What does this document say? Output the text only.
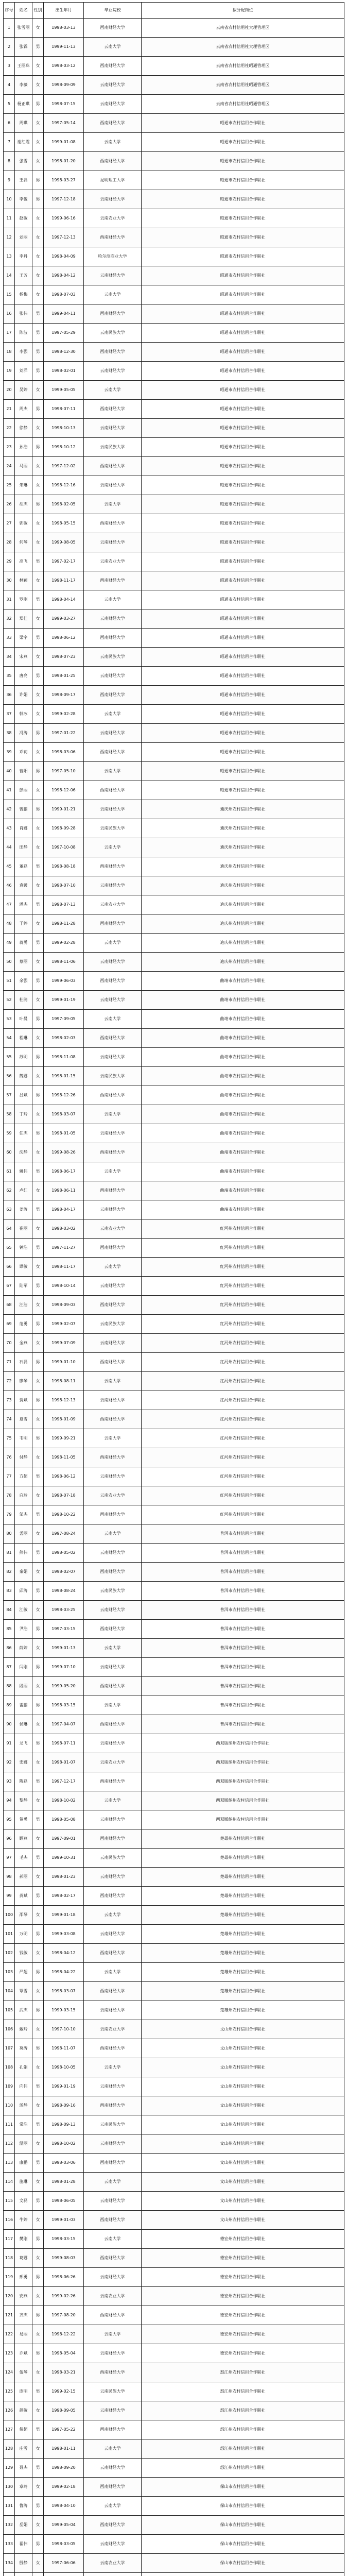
序号	姓名	性别	出生年月	毕业院校	拟分配岗位
1	张雪丽	女	1998-03-13	西南财经大学	云南省农村信用社大理管理区
2	张霖	男	1999-11-13	云南大学	云南省农村信用社大理管理区
3	王丽珠	女	1998-03-12	西南财经大学	云南省农村信用社昭通管理区
4	李薇	女	1998-09-09	云南财经大学	云南省农村信用社昭通管理区
5	杨正琪	男	1998-07-15	云南财经大学	云南省农村信用社昭通管理区
6	周琪	女	1997-05-14	西南财经大学	昭通市农村信用合作联社
7	谢红霞	女	1999-01-08	云南大学	昭通市农村信用合作联社
8	张雪	女	1998-01-20	西南财经大学	昭通市农村信用合作联社
9	王磊	男	1998-03-27	昆明理工大学	昭通市农村信用合作联社
10	李俊	男	1997-12-18	云南财经大学	昭通市农村信用合作联社
11	赵敏	女	1999-06-16	云南农业大学	昭通市农村信用合作联社
12	刘丽	女	1997-12-13	西南财经大学	昭通市农村信用合作联社
13	李丹	女	1998-04-09	哈尔滨商业大学	昭通市农村信用合作联社
14	王芳	女	1998-04-12	云南财经大学	昭通市农村信用合作联社
15	杨梅	女	1998-07-03	云南大学	昭通市农村信用合作联社
16	张伟	男	1999-04-11	西南财经大学	昭通市农村信用合作联社
17	陈波	男	1997-05-29	云南民族大学	昭通市农村信用合作联社
18	李强	男	1998-12-30	西南财经大学	昭通市农村信用合作联社
19	刘洋	男	1998-02-01	云南财经大学	昭通市农村信用合作联社
20	吴婷	女	1999-05-05	云南大学	昭通市农村信用合作联社
21	周杰	男	1998-07-11	西南财经大学	昭通市农村信用合作联社
22	徐静	女	1998-10-13	云南财经大学	昭通市农村信用合作联社
23	孙浩	男	1998-10-12	云南民族大学	昭通市农村信用合作联社
24	马丽	女	1997-12-02	西南财经大学	昭通市农村信用合作联社
25	朱琳	女	1998-12-16	云南财经大学	昭通市农村信用合作联社
26	胡杰	男	1998-02-05	云南大学	昭通市农村信用合作联社
27	郭敏	女	1998-05-15	西南财经大学	昭通市农村信用合作联社
28	何琴	女	1999-08-05	云南财经大学	昭通市农村信用合作联社
29	高飞	男	1997-02-17	云南农业大学	昭通市农村信用合作联社
30	林颖	女	1998-11-17	西南财经大学	昭通市农村信用合作联社
31	罗刚	男	1998-04-14	云南大学	昭通市农村信用合作联社
32	郑佳	女	1999-03-27	云南财经大学	昭通市农村信用合作联社
33	梁宇	男	1998-06-12	西南财经大学	昭通市农村信用合作联社
34	宋燕	女	1998-07-23	云南民族大学	昭通市农村信用合作联社
35	唐亮	男	1998-01-25	云南财经大学	昭通市农村信用合作联社
36	许娟	女	1998-09-17	西南财经大学	昭通市农村信用合作联社
37	韩冰	女	1999-02-28	云南大学	昭通市农村信用合作联社
38	冯涛	男	1997-01-22	云南财经大学	昭通市农村信用合作联社
39	邓莉	女	1998-03-06	西南财经大学	昭通市农村信用合作联社
40	曹阳	男	1997-05-10	云南大学	昭通市农村信用合作联社
41	彭丽	女	1998-12-06	西南财经大学	昭通市农村信用合作联社
42	曾鹏	男	1999-01-21	云南财经大学	迪庆州农村信用合作联社
43	肖娜	女	1998-09-28	云南民族大学	迪庆州农村信用合作联社
44	田静	女	1997-10-08	云南大学	迪庆州农村信用合作联社
45	董磊	男	1998-08-18	西南财经大学	迪庆州农村信用合作联社
46	袁媛	女	1998-07-10	云南财经大学	迪庆州农村信用合作联社
47	潘杰	男	1998-07-13	云南农业大学	迪庆州农村信用合作联社
48	于婷	女	1998-11-28	西南财经大学	迪庆州农村信用合作联社
49	蒋勇	男	1999-02-28	云南大学	迪庆州农村信用合作联社
50	蔡丽	女	1998-11-06	云南财经大学	迪庆州农村信用合作联社
51	余强	男	1999-06-03	西南财经大学	曲靖市农村信用合作联社
52	杜鹃	女	1999-01-19	云南财经大学	曲靖市农村信用合作联社
53	叶晨	男	1997-09-05	云南大学	曲靖市农村信用合作联社
54	程琳	女	1998-02-03	西南财经大学	曲靖市农村信用合作联社
55	苏明	男	1998-11-08	云南财经大学	曲靖市农村信用合作联社
56	魏娜	女	1998-01-15	云南民族大学	曲靖市农村信用合作联社
57	吕斌	男	1998-12-26	西南财经大学	曲靖市农村信用合作联社
58	丁玲	女	1998-03-07	云南大学	曲靖市农村信用合作联社
59	任杰	男	1998-01-05	云南财经大学	曲靖市农村信用合作联社
60	沈静	女	1999-08-26	西南财经大学	曲靖市农村信用合作联社
61	姚伟	男	1998-06-17	云南大学	曲靖市农村信用合作联社
62	卢红	女	1998-06-11	西南财经大学	曲靖市农村信用合作联社
63	姜涛	男	1998-04-17	云南财经大学	曲靖市农村信用合作联社
64	崔丽	女	1998-03-02	云南农业大学	红河州农村信用合作联社
65	钟浩	男	1997-11-27	西南财经大学	红河州农村信用合作联社
66	谭敏	女	1998-11-17	云南大学	红河州农村信用合作联社
67	陆军	男	1998-10-14	云南财经大学	红河州农村信用合作联社
68	汪洁	女	1998-09-03	西南财经大学	红河州农村信用合作联社
69	范勇	男	1999-02-07	云南民族大学	红河州农村信用合作联社
70	金燕	女	1999-07-09	云南财经大学	红河州农村信用合作联社
71	石磊	男	1999-01-10	西南财经大学	红河州农村信用合作联社
72	廖琴	女	1998-08-11	云南大学	红河州农村信用合作联社
73	贾斌	男	1998-12-13	云南财经大学	红河州农村信用合作联社
74	夏雪	女	1998-01-09	西南财经大学	红河州农村信用合作联社
75	韦明	男	1999-09-21	云南大学	红河州农村信用合作联社
76	付静	女	1998-11-05	西南财经大学	红河州农村信用合作联社
77	方超	男	1998-06-12	云南财经大学	红河州农村信用合作联社
78	白玲	女	1998-07-18	云南农业大学	红河州农村信用合作联社
79	邹杰	男	1998-10-22	西南财经大学	红河州农村信用合作联社
80	孟丽	女	1997-08-24	云南大学	普洱市农村信用合作联社
81	熊伟	男	1998-05-02	云南财经大学	普洱市农村信用合作联社
82	秦娟	女	1998-02-07	西南财经大学	普洱市农村信用合作联社
83	邱涛	男	1998-08-24	云南民族大学	普洱市农村信用合作联社
84	江敏	女	1998-03-25	云南财经大学	普洱市农村信用合作联社
85	尹浩	男	1997-03-15	西南财经大学	普洱市农村信用合作联社
86	薛婷	女	1999-01-13	云南大学	普洱市农村信用合作联社
87	闫刚	男	1999-07-10	云南财经大学	普洱市农村信用合作联社
88	段丽	女	1999-05-20	西南财经大学	普洱市农村信用合作联社
89	雷鹏	男	1998-03-15	云南大学	普洱市农村信用合作联社
90	侯琳	女	1997-04-07	西南财经大学	普洱市农村信用合作联社
91	龙飞	男	1998-07-11	云南财经大学	西双版纳州农村信用合作联社
92	史娜	女	1998-01-07	云南农业大学	西双版纳州农村信用合作联社
93	陶磊	男	1997-12-17	西南财经大学	西双版纳州农村信用合作联社
94	黎静	女	1998-10-02	云南大学	西双版纳州农村信用合作联社
95	贺勇	男	1998-05-08	云南财经大学	西双版纳州农村信用合作联社
96	顾燕	女	1997-09-01	西南财经大学	楚雄州农村信用合作联社
97	毛杰	男	1999-10-31	云南民族大学	楚雄州农村信用合作联社
98	郝丽	女	1998-01-23	云南财经大学	楚雄州农村信用合作联社
99	龚斌	男	1998-02-17	西南财经大学	楚雄州农村信用合作联社
100	邵琴	女	1999-01-18	云南大学	楚雄州农村信用合作联社
101	万明	男	1999-03-08	云南财经大学	楚雄州农村信用合作联社
102	钱敏	女	1998-04-12	西南财经大学	楚雄州农村信用合作联社
103	严超	男	1998-04-22	云南大学	楚雄州农村信用合作联社
104	覃雪	女	1998-03-07	西南财经大学	楚雄州农村信用合作联社
105	武杰	男	1999-03-15	云南财经大学	楚雄州农村信用合作联社
106	戴玲	女	1997-10-10	云南农业大学	文山州农村信用合作联社
107	莫涛	男	1998-11-07	西南财经大学	文山州农村信用合作联社
108	孔娟	女	1998-10-05	云南大学	文山州农村信用合作联社
109	向伟	男	1999-01-19	云南财经大学	文山州农村信用合作联社
110	汤静	女	1998-09-16	西南财经大学	文山州农村信用合作联社
111	常浩	男	1998-09-13	云南民族大学	文山州农村信用合作联社
112	温丽	女	1998-10-02	云南财经大学	文山州农村信用合作联社
113	康鹏	男	1998-03-06	西南财经大学	文山州农村信用合作联社
114	施琳	女	1998-01-28	云南大学	文山州农村信用合作联社
115	文磊	男	1998-06-05	云南财经大学	文山州农村信用合作联社
116	牛婷	女	1999-01-03	西南财经大学	文山州农村信用合作联社
117	樊刚	男	1998-03-15	云南大学	德宏州农村信用合作联社
118	葛娜	女	1999-08-03	西南财经大学	德宏州农村信用合作联社
119	邢勇	男	1998-06-26	云南财经大学	德宏州农村信用合作联社
120	安燕	女	1999-02-26	云南农业大学	德宏州农村信用合作联社
121	齐杰	男	1997-08-20	西南财经大学	德宏州农村信用合作联社
122	易丽	女	1998-12-22	云南大学	德宏州农村信用合作联社
123	乔斌	男	1998-05-04	云南财经大学	德宏州农村信用合作联社
124	伍琴	女	1998-03-21	西南财经大学	怒江州农村信用合作联社
125	庞明	男	1999-02-15	云南民族大学	怒江州农村信用合作联社
126	颜敏	女	1998-09-05	云南财经大学	怒江州农村信用合作联社
127	倪超	男	1997-05-22	西南财经大学	怒江州农村信用合作联社
128	庄雪	女	1998-01-11	云南大学	怒江州农村信用合作联社
129	聂杰	男	1998-09-20	云南财经大学	怒江州农村信用合作联社
130	章玲	女	1999-02-18	西南财经大学	保山市农村信用合作联社
131	鲁涛	男	1998-04-10	云南大学	保山市农村信用合作联社
132	岳娟	女	1999-05-04	西南财经大学	保山市农村信用合作联社
133	翟伟	男	1998-03-05	云南财经大学	保山市农村信用合作联社
134	殷静	女	1997-06-06	云南农业大学	保山市农村信用合作联社
